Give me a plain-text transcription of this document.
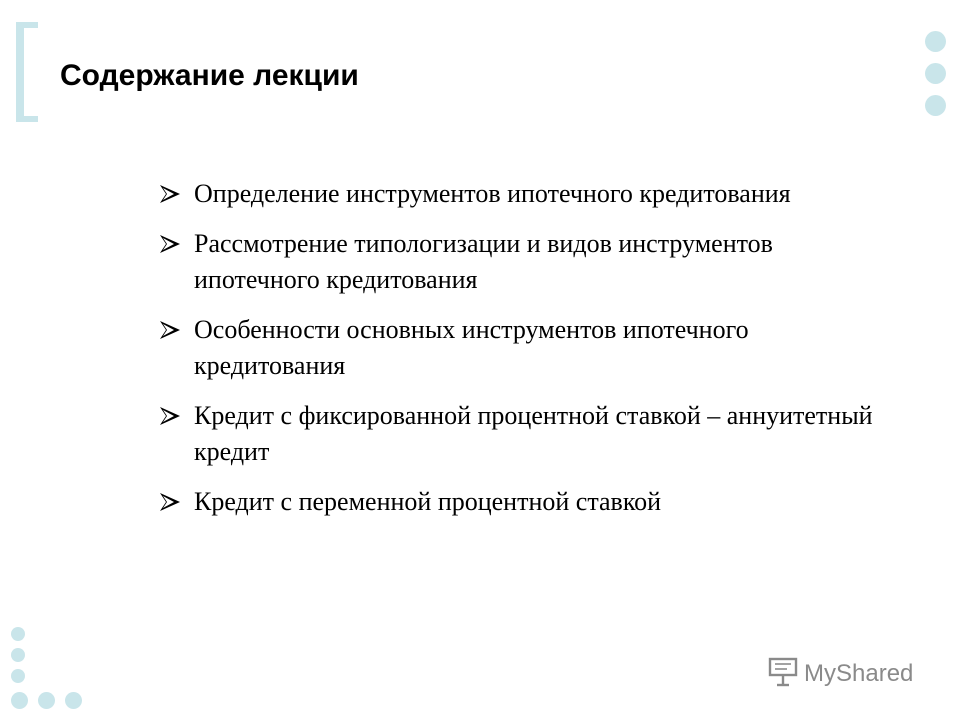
Содержание лекции
Определение инструментов ипотечного кредитования
Рассмотрение типологизации и видов инструментов ипотечного кредитования
Особенности основных инструментов ипотечного кредитования
Кредит с фиксированной процентной ставкой – аннуитетный кредит
Кредит с переменной процентной ставкой
MyShared
